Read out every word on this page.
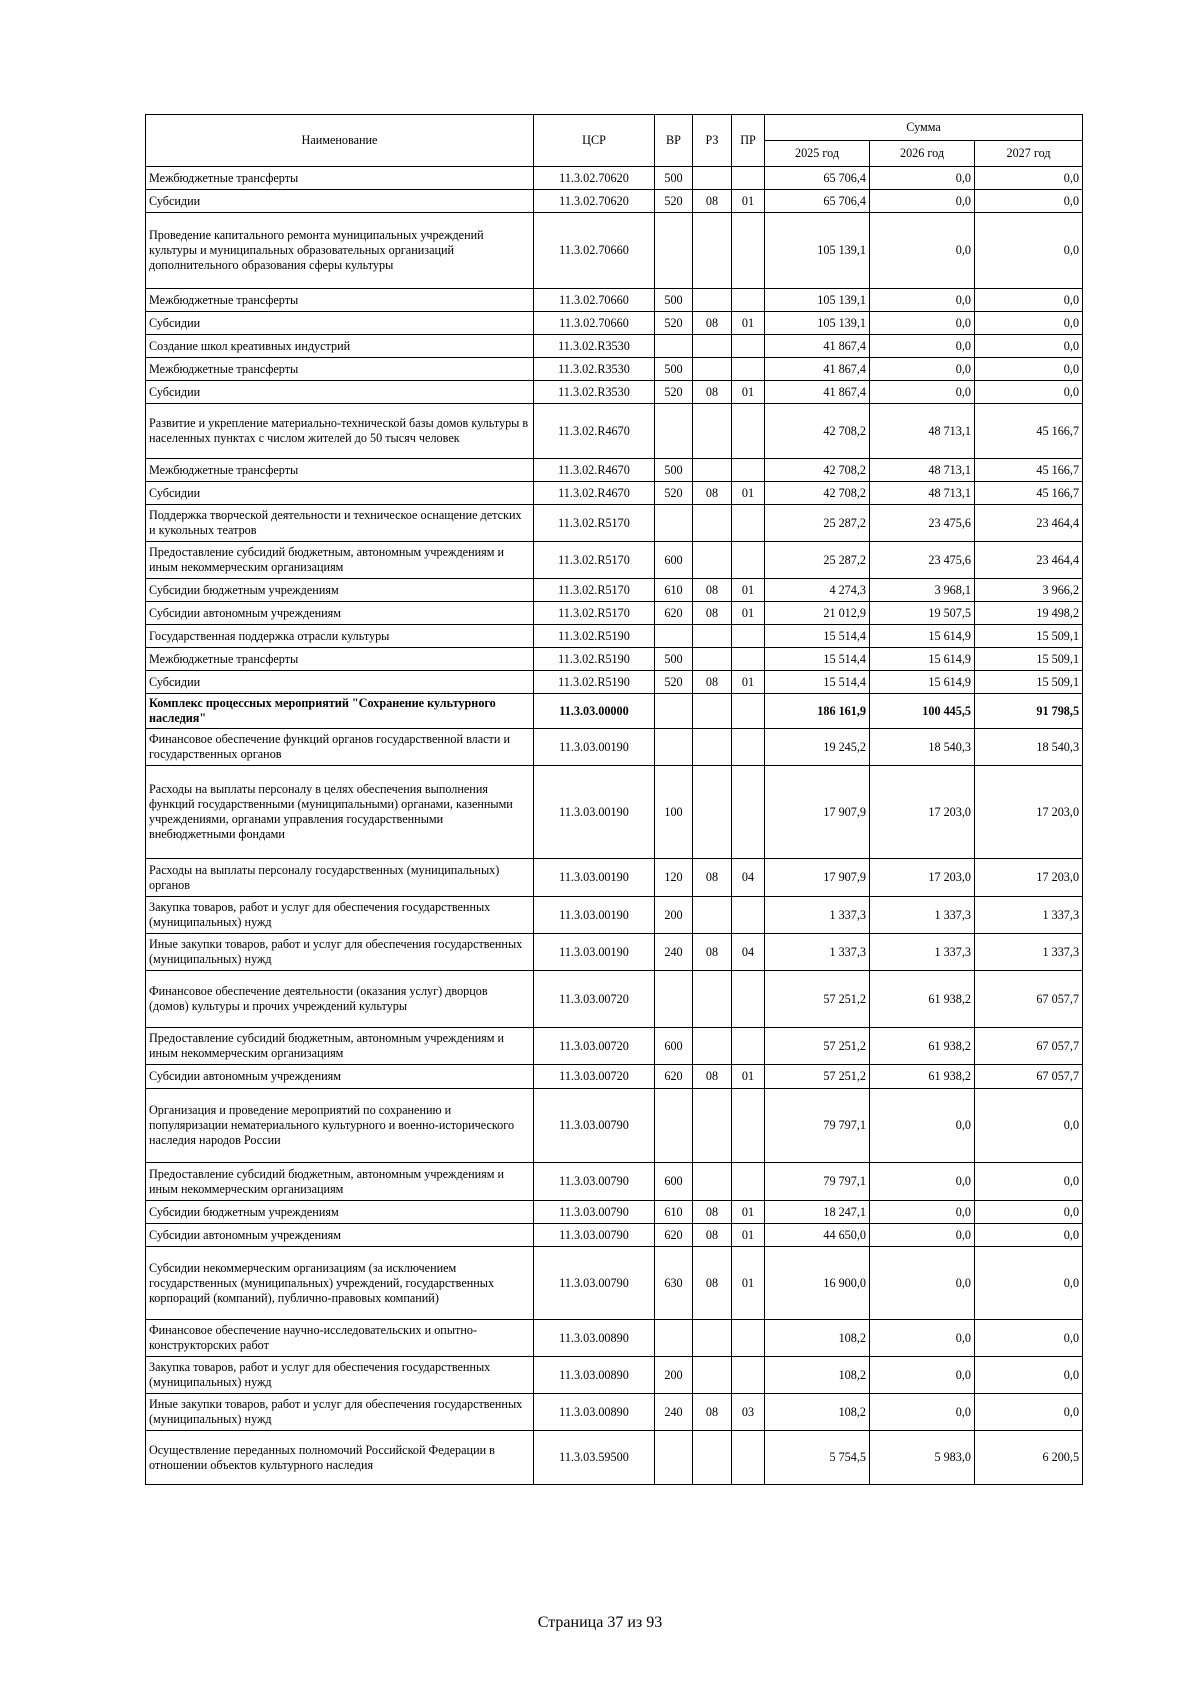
Наименование	ЦСР	ВР	РЗ	ПР	Сумма		
					2025 год	2026 год	2027 год
Межбюджетные трансферты	11.3.02.70620	500			65 706,4	0,0	0,0
Субсидии	11.3.02.70620	520	08	01	65 706,4	0,0	0,0
Проведение капитального ремонта муниципальных учреждений культуры и муниципальных образовательных организаций дополнительного образования сферы культуры	11.3.02.70660				105 139,1	0,0	0,0
Межбюджетные трансферты	11.3.02.70660	500			105 139,1	0,0	0,0
Субсидии	11.3.02.70660	520	08	01	105 139,1	0,0	0,0
Создание школ креативных индустрий	11.3.02.R3530				41 867,4	0,0	0,0
Межбюджетные трансферты	11.3.02.R3530	500			41 867,4	0,0	0,0
Субсидии	11.3.02.R3530	520	08	01	41 867,4	0,0	0,0
Развитие и укрепление материально-технической базы домов культуры в населенных пунктах с числом жителей до 50 тысяч человек	11.3.02.R4670				42 708,2	48 713,1	45 166,7
Межбюджетные трансферты	11.3.02.R4670	500			42 708,2	48 713,1	45 166,7
Субсидии	11.3.02.R4670	520	08	01	42 708,2	48 713,1	45 166,7
Поддержка творческой деятельности и техническое оснащение детских и кукольных театров	11.3.02.R5170				25 287,2	23 475,6	23 464,4
Предоставление субсидий бюджетным, автономным учреждениям и иным некоммерческим организациям	11.3.02.R5170	600			25 287,2	23 475,6	23 464,4
Субсидии бюджетным учреждениям	11.3.02.R5170	610	08	01	4 274,3	3 968,1	3 966,2
Субсидии автономным учреждениям	11.3.02.R5170	620	08	01	21 012,9	19 507,5	19 498,2
Государственная поддержка отрасли культуры	11.3.02.R5190				15 514,4	15 614,9	15 509,1
Межбюджетные трансферты	11.3.02.R5190	500			15 514,4	15 614,9	15 509,1
Субсидии	11.3.02.R5190	520	08	01	15 514,4	15 614,9	15 509,1
Комплекс процессных мероприятий "Сохранение культурного наследия"	11.3.03.00000				186 161,9	100 445,5	91 798,5
Финансовое обеспечение функций органов государственной власти и государственных органов	11.3.03.00190				19 245,2	18 540,3	18 540,3
Расходы на выплаты персоналу в целях обеспечения выполнения функций государственными (муниципальными) органами, казенными учреждениями, органами управления государственными внебюджетными фондами	11.3.03.00190	100			17 907,9	17 203,0	17 203,0
Расходы на выплаты персоналу государственных (муниципальных) органов	11.3.03.00190	120	08	04	17 907,9	17 203,0	17 203,0
Закупка товаров, работ и услуг для обеспечения государственных (муниципальных) нужд	11.3.03.00190	200			1 337,3	1 337,3	1 337,3
Иные закупки товаров, работ и услуг для обеспечения государственных (муниципальных) нужд	11.3.03.00190	240	08	04	1 337,3	1 337,3	1 337,3
Финансовое обеспечение деятельности (оказания услуг) дворцов (домов) культуры и прочих учреждений культуры	11.3.03.00720				57 251,2	61 938,2	67 057,7
Предоставление субсидий бюджетным, автономным учреждениям и иным некоммерческим организациям	11.3.03.00720	600			57 251,2	61 938,2	67 057,7
Субсидии автономным учреждениям	11.3.03.00720	620	08	01	57 251,2	61 938,2	67 057,7
Организация и проведение мероприятий по сохранению и популяризации нематериального культурного и военно-исторического наследия народов России	11.3.03.00790				79 797,1	0,0	0,0
Предоставление субсидий бюджетным, автономным учреждениям и иным некоммерческим организациям	11.3.03.00790	600			79 797,1	0,0	0,0
Субсидии бюджетным учреждениям	11.3.03.00790	610	08	01	18 247,1	0,0	0,0
Субсидии автономным учреждениям	11.3.03.00790	620	08	01	44 650,0	0,0	0,0
Субсидии некоммерческим организациям (за исключением государственных (муниципальных) учреждений, государственных корпораций (компаний), публично-правовых компаний)	11.3.03.00790	630	08	01	16 900,0	0,0	0,0
Финансовое обеспечение научно-исследовательских и опытно-конструкторских работ	11.3.03.00890				108,2	0,0	0,0
Закупка товаров, работ и услуг для обеспечения государственных (муниципальных) нужд	11.3.03.00890	200			108,2	0,0	0,0
Иные закупки товаров, работ и услуг для обеспечения государственных (муниципальных) нужд	11.3.03.00890	240	08	03	108,2	0,0	0,0
Осуществление переданных полномочий Российской Федерации в отношении объектов культурного наследия	11.3.03.59500				5 754,5	5 983,0	6 200,5
Страница 37 из 93
